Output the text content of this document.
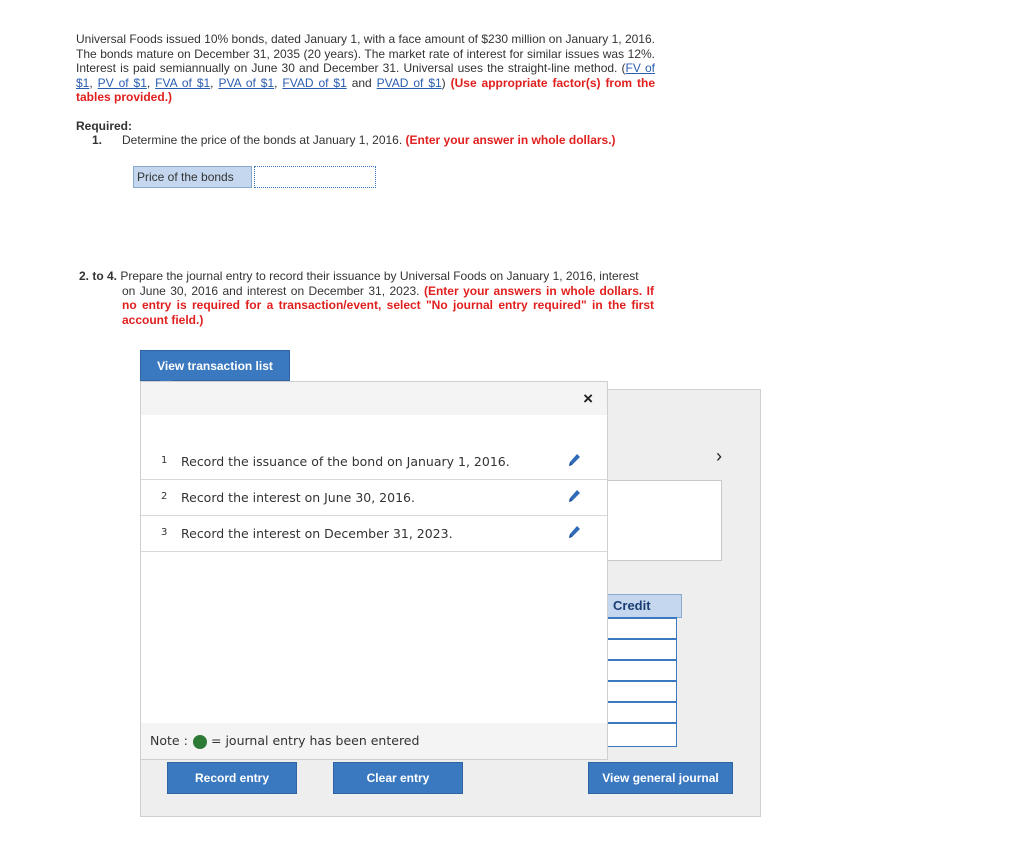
Universal Foods issued 10% bonds, dated January 1, with a face amount of $230 million on January 1, 2016. The bonds mature on December 31, 2035 (20 years). The market rate of interest for similar issues was 12%. Interest is paid semiannually on June 30 and December 31. Universal uses the straight-line method. (FV of $1, PV of $1, FVA of $1, PVA of $1, FVAD of $1 and PVAD of $1) (Use appropriate factor(s) from the tables provided.)

Required:

1. Determine the price of the bonds at January 1, 2016. (Enter your answer in whole dollars.)

Price of the bonds

2. to 4. Prepare the journal entry to record their issuance by Universal Foods on January 1, 2016, interest
on June 30, 2016 and interest on December 31, 2023. (Enter your answers in whole dollars. If no entry is required for a transaction/event, select "No journal entry required" in the first account field.)

›
Credit
View transaction list
×
1 Record the issuance of the bond on January 1, 2016.
2 Record the interest on June 30, 2016.
3 Record the interest on December 31, 2023.
Note : = journal entry has been entered
Record entry	Clear entry	View general journal
